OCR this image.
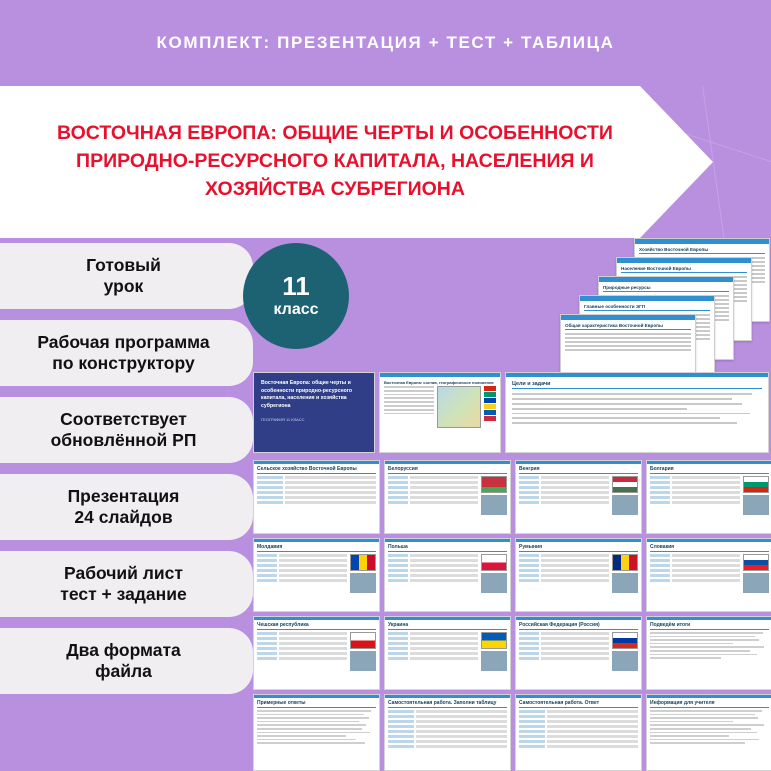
КОМПЛЕКТ: ПРЕЗЕНТАЦИЯ + ТЕСТ + ТАБЛИЦА
ВОСТОЧНАЯ ЕВРОПА: ОБЩИЕ ЧЕРТЫ И ОСОБЕННОСТИ
ПРИРОДНО-РЕСУРСНОГО КАПИТАЛА, НАСЕЛЕНИЯ И
ХОЗЯЙСТВА СУБРЕГИОНА
Готовый
урок
Рабочая программа
по конструктору
Соответствует
обновлённой РП
Презентация
24 слайдов
Рабочий лист
тест + задание
Два формата
файла
11
класс
Хозяйство Восточной Европы
Население Восточной Европы
Природные ресурсы
Главные особенности ЭГП
Общая характеристика Восточной Европы
Восточная Европа: общие черты и особенности природно-ресурсного капитала, населения и хозяйства субрегиона
ГЕОГРАФИЯ 11 КЛАСС
Восточная Европа: состав, географическое положение	Цели и задачи
Сельское хозяйство Восточной Европы	Белоруссия	Венгрия	Болгария
Молдавия	Польша	Румыния	Словакия
Чешская республика	Украина	Российская Федерация (Россия)	Подведём итоги
Примерные ответы	Самостоятельная работа. Заполни таблицу	Самостоятельная работа. Ответ	Информация для учителя
